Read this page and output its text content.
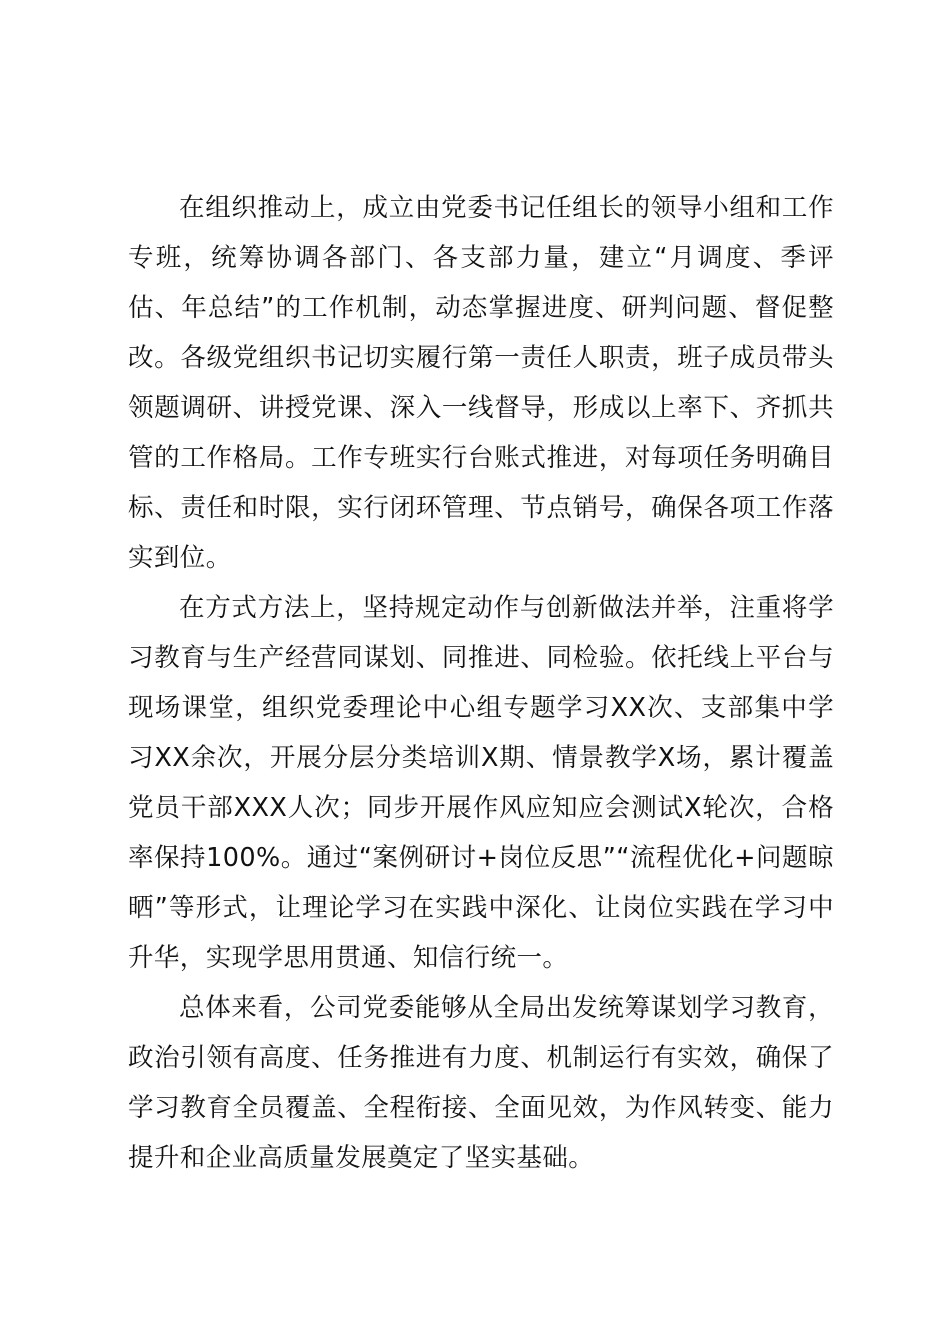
在组织推动上，成立由党委书记任组长的领导小组和工作专班，统筹协调各部门、各支部力量，建立“月调度、季评估、年总结”的工作机制，动态掌握进度、研判问题、督促整改。各级党组织书记切实履行第一责任人职责，班子成员带头领题调研、讲授党课、深入一线督导，形成以上率下、齐抓共管的工作格局。工作专班实行台账式推进，对每项任务明确目标、责任和时限，实行闭环管理、节点销号，确保各项工作落实到位。

在方式方法上，坚持规定动作与创新做法并举，注重将学习教育与生产经营同谋划、同推进、同检验。依托线上平台与现场课堂，组织党委理论中心组专题学习XX次、支部集中学习XX余次，开展分层分类培训X期、情景教学X场，累计覆盖党员干部XXX人次；同步开展作风应知应会测试X轮次，合格率保持100%。通过“案例研讨+岗位反思”“流程优化+问题晾晒”等形式，让理论学习在实践中深化、让岗位实践在学习中升华，实现学思用贯通、知信行统一。

总体来看，公司党委能够从全局出发统筹谋划学习教育，政治引领有高度、任务推进有力度、机制运行有实效，确保了学习教育全员覆盖、全程衔接、全面见效，为作风转变、能力提升和企业高质量发展奠定了坚实基础。
